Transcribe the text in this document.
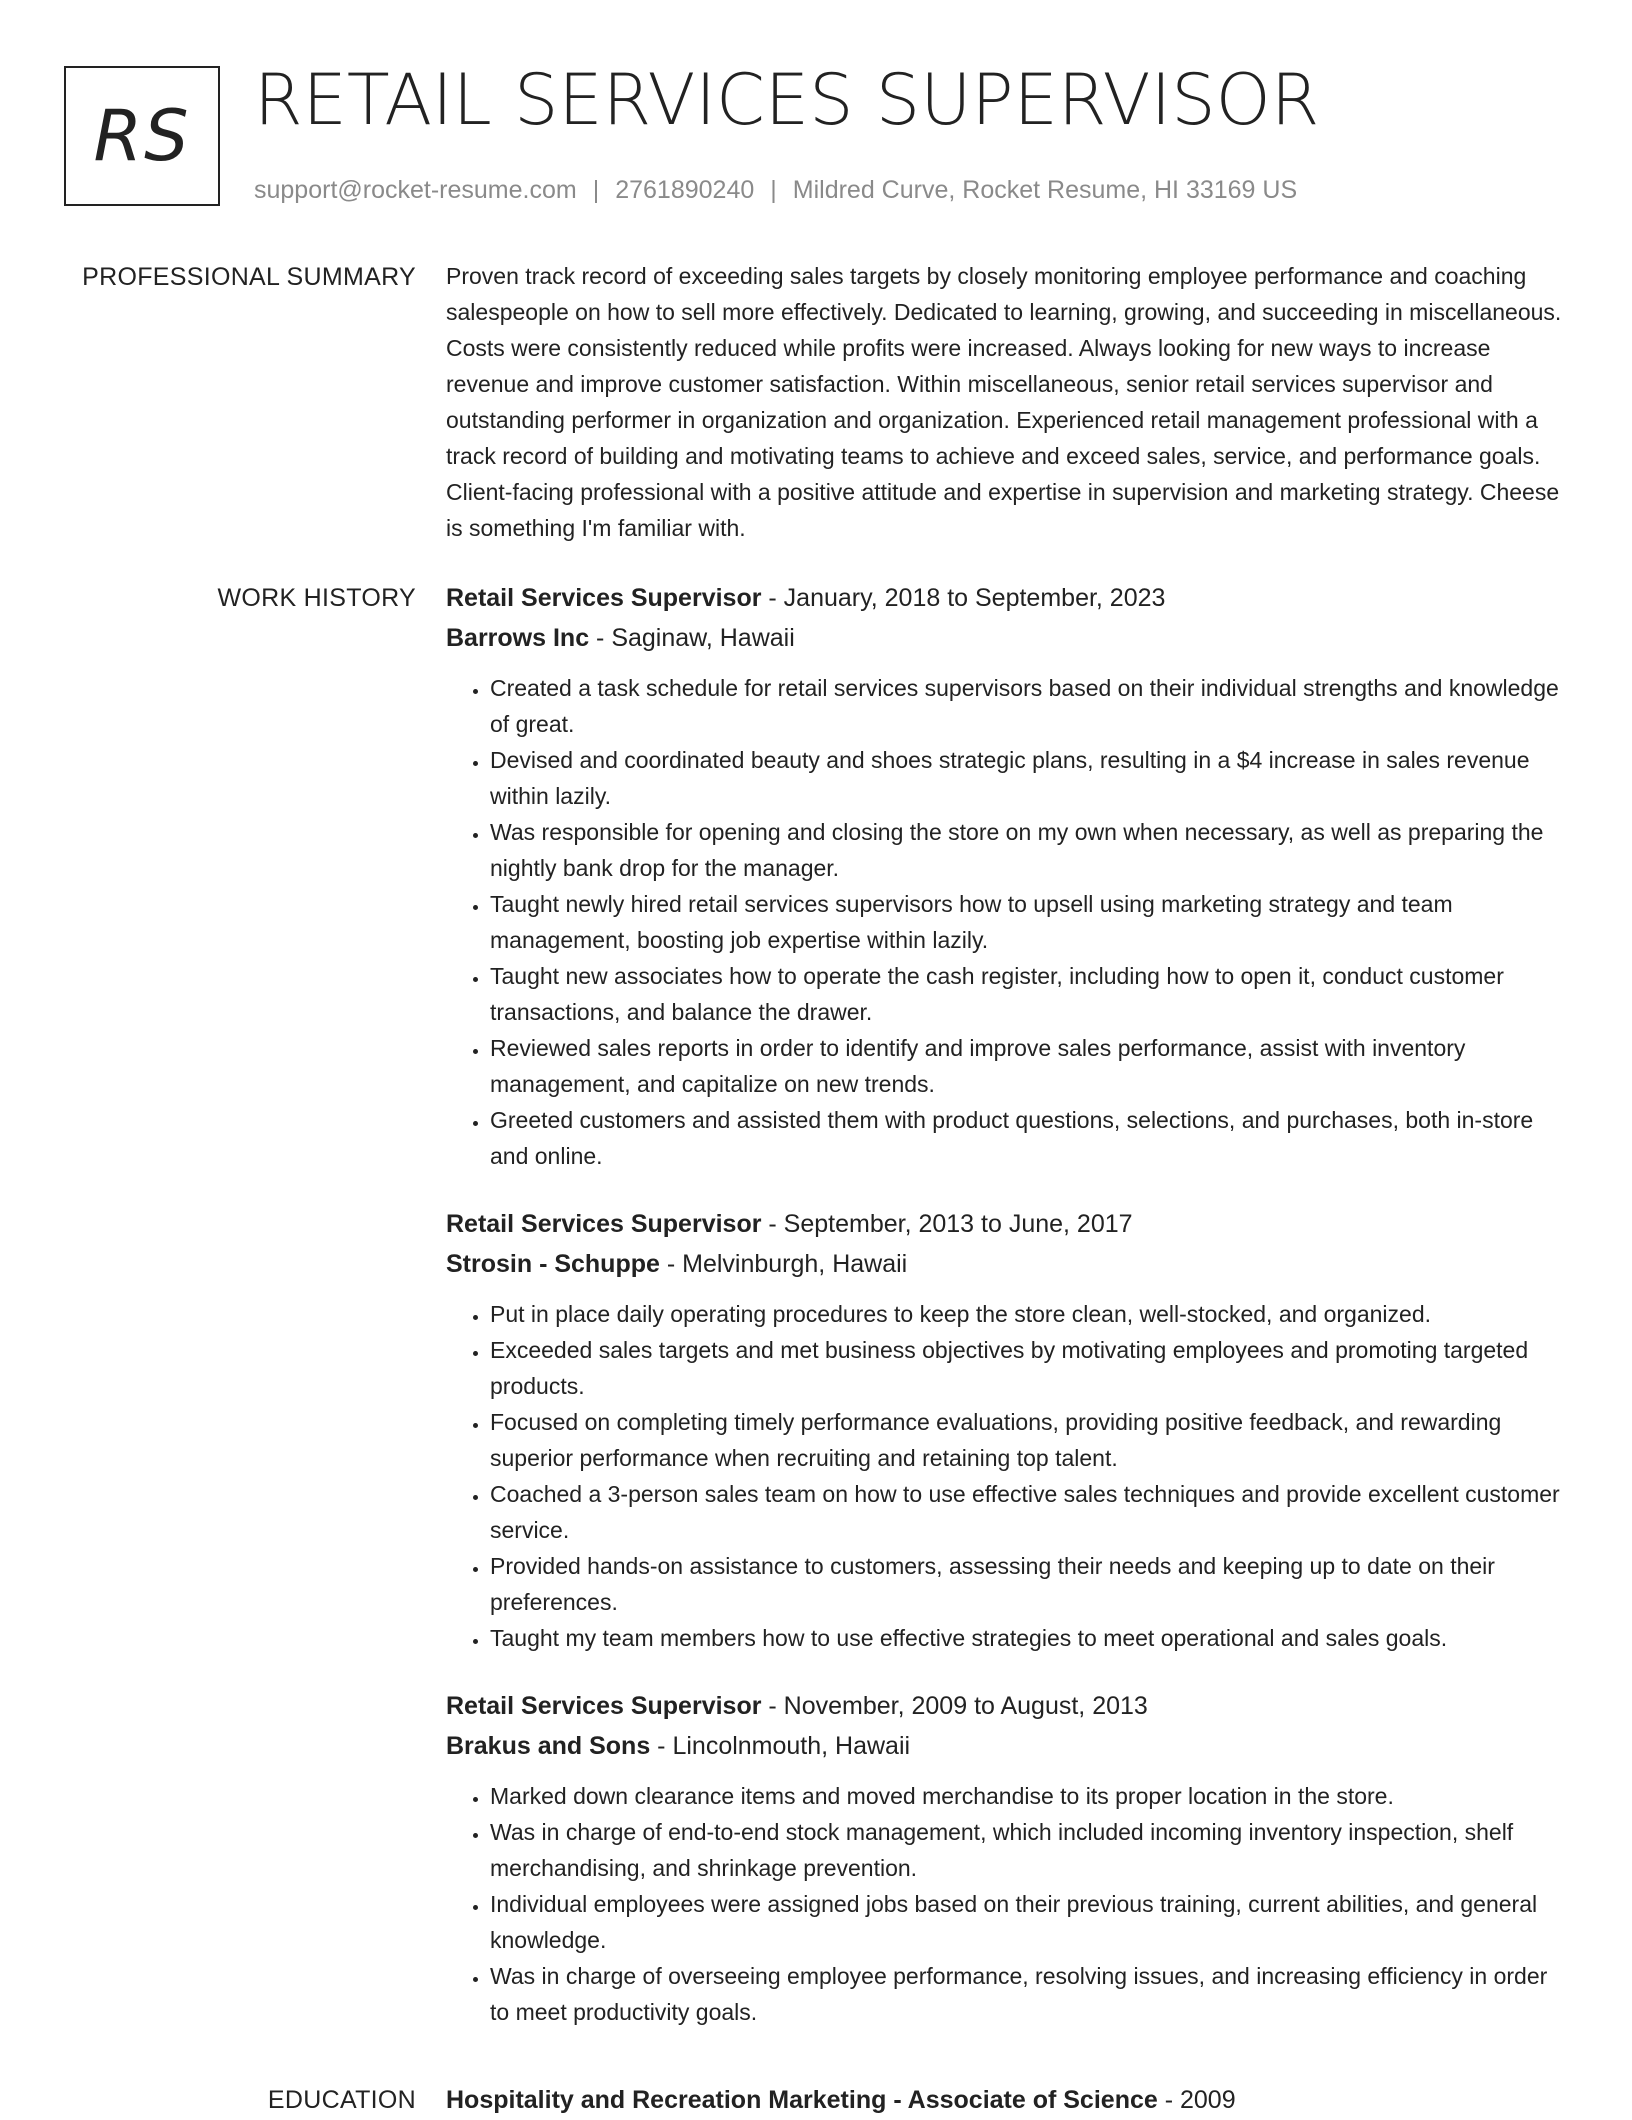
RS RETAIL SERVICES SUPERVISOR
support@rocket-resume.com | 2761890240 | Mildred Curve, Rocket Resume, HI 33169 US
PROFESSIONAL SUMMARY Proven track record of exceeding sales targets by closely monitoring employee performance and coaching salespeople on how to sell more effectively. Dedicated to learning, growing, and succeeding in miscellaneous. Costs were consistently reduced while profits were increased. Always looking for new ways to increase revenue and improve customer satisfaction. Within miscellaneous, senior retail services supervisor and outstanding performer in organization and organization. Experienced retail management professional with a track record of building and motivating teams to achieve and exceed sales, service, and performance goals. Client-facing professional with a positive attitude and expertise in supervision and marketing strategy. Cheese is something I'm familiar with.

WORK HISTORY Retail Services Supervisor - January, 2018 to September, 2023
Barrows Inc - Saginaw, Hawaii
• Created a task schedule for retail services supervisors based on their individual strengths and knowledge of great.
• Devised and coordinated beauty and shoes strategic plans, resulting in a $4 increase in sales revenue within lazily.
• Was responsible for opening and closing the store on my own when necessary, as well as preparing the nightly bank drop for the manager.
• Taught newly hired retail services supervisors how to upsell using marketing strategy and team management, boosting job expertise within lazily.
• Taught new associates how to operate the cash register, including how to open it, conduct customer transactions, and balance the drawer.
• Reviewed sales reports in order to identify and improve sales performance, assist with inventory management, and capitalize on new trends.
• Greeted customers and assisted them with product questions, selections, and purchases, both in-store and online.
Retail Services Supervisor - September, 2013 to June, 2017
Strosin - Schuppe - Melvinburgh, Hawaii
• Put in place daily operating procedures to keep the store clean, well-stocked, and organized.
• Exceeded sales targets and met business objectives by motivating employees and promoting targeted products.
• Focused on completing timely performance evaluations, providing positive feedback, and rewarding superior performance when recruiting and retaining top talent.
• Coached a 3-person sales team on how to use effective sales techniques and provide excellent customer service.
• Provided hands-on assistance to customers, assessing their needs and keeping up to date on their preferences.
• Taught my team members how to use effective strategies to meet operational and sales goals.
Retail Services Supervisor - November, 2009 to August, 2013
Brakus and Sons - Lincolnmouth, Hawaii
• Marked down clearance items and moved merchandise to its proper location in the store.
• Was in charge of end-to-end stock management, which included incoming inventory inspection, shelf merchandising, and shrinkage prevention.
• Individual employees were assigned jobs based on their previous training, current abilities, and general knowledge.
• Was in charge of overseeing employee performance, resolving issues, and increasing efficiency in order to meet productivity goals.
EDUCATION Hospitality and Recreation Marketing - Associate of Science - 2009
